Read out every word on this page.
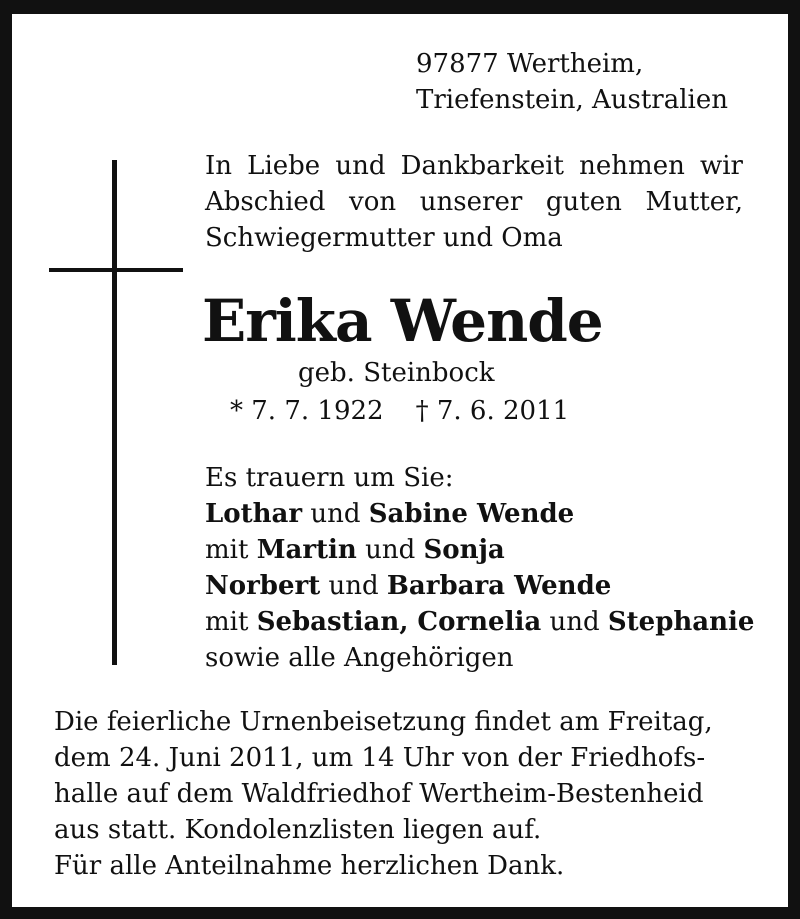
97877 Wertheim,
Triefenstein, Australien
In Liebe und Dankbarkeit nehmen wir
Abschied von unserer guten Mutter,
Schwiegermutter und Oma
Erika Wende
geb. Steinbock
* 7. 7. 1922 † 7. 6. 2011
Es trauern um Sie:
Lothar und Sabine Wende
mit Martin und Sonja
Norbert und Barbara Wende
mit Sebastian, Cornelia und Stephanie
sowie alle Angehörigen
Die feierliche Urnenbeisetzung findet am Freitag,
dem 24. Juni 2011, um 14 Uhr von der Friedhofs-
halle auf dem Waldfriedhof Wertheim-Bestenheid
aus statt. Kondolenzlisten liegen auf.
Für alle Anteilnahme herzlichen Dank.
